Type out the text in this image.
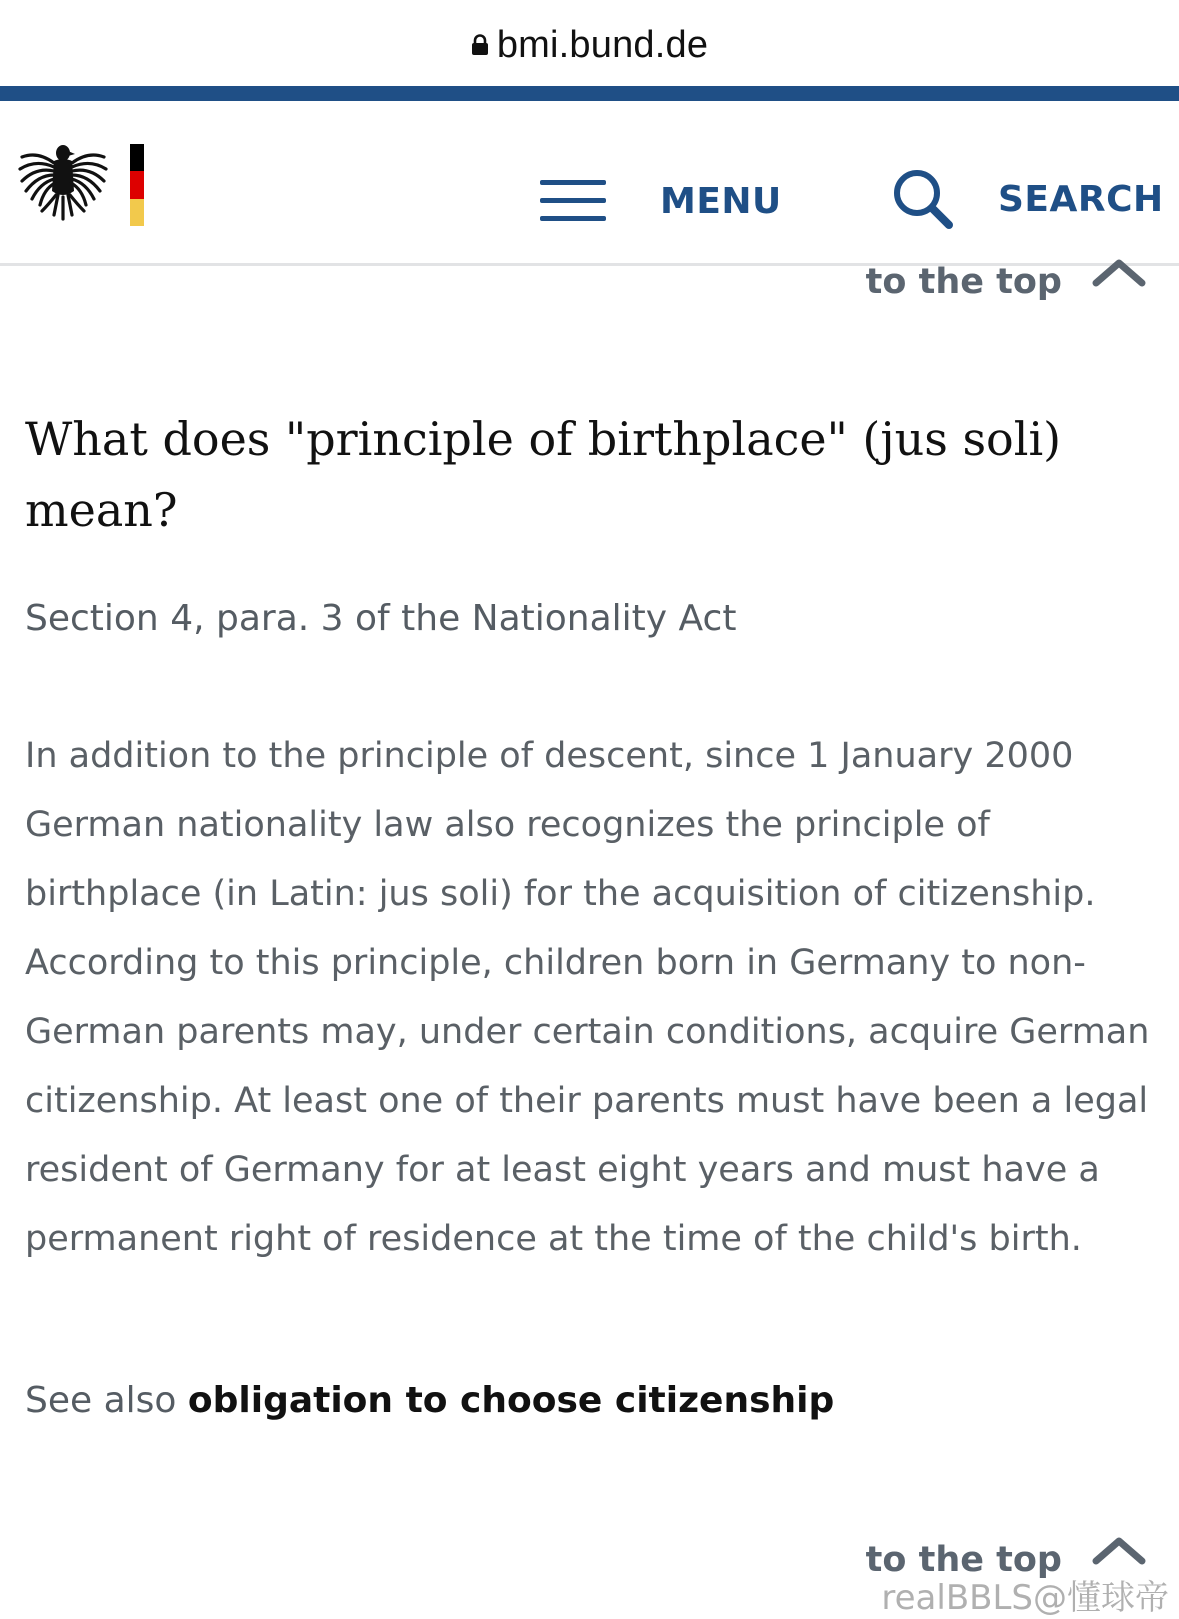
bmi.bund.de
MENU	SEARCH
to the top
What does "principle of birthplace" (jus soli) mean?

Section 4, para. 3 of the Nationality Act

In addition to the principle of descent, since 1 January 2000 German nationality law also recognizes the principle of birthplace (in Latin: jus soli) for the acquisition of citizenship. According to this principle, children born in Germany to non-German parents may, under certain conditions, acquire German citizenship. At least one of their parents must have been a legal resident of Germany for at least eight years and must have a permanent right of residence at the time of the child's birth.

See also obligation to choose citizenship

to the top
realBBLS@懂球帝
